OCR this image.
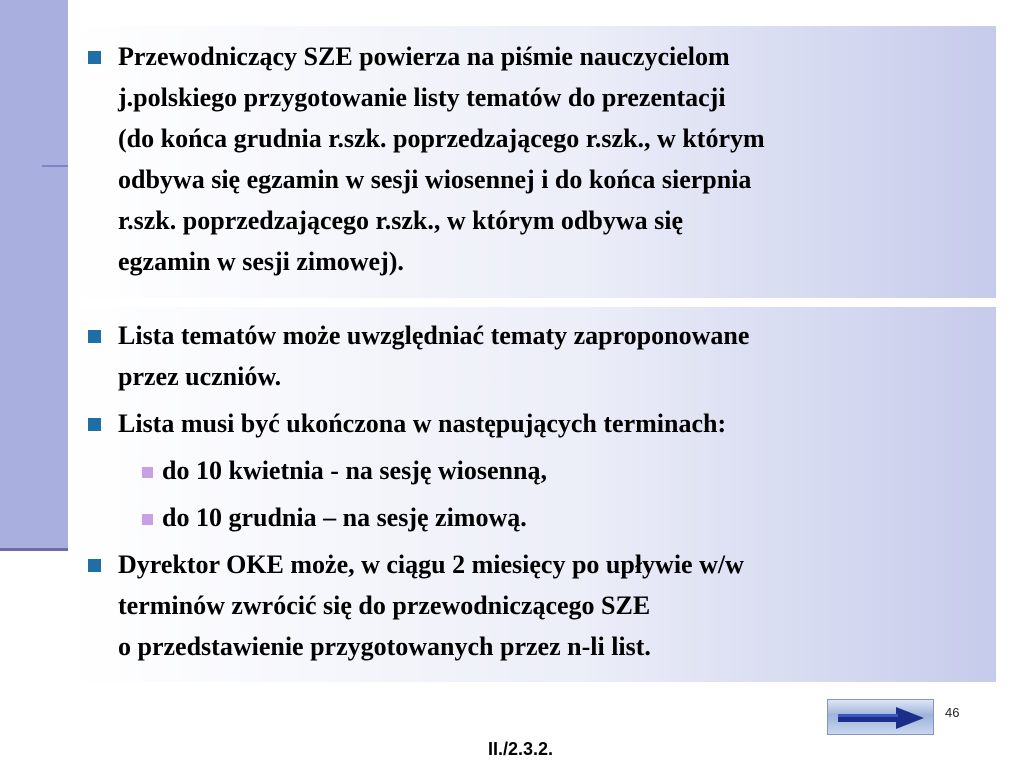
Przewodniczący SZE powierza na piśmie nauczycielom
j.polskiego przygotowanie listy tematów do prezentacji
(do końca grudnia r.szk. poprzedzającego r.szk., w którym
odbywa się egzamin w sesji wiosennej i do końca sierpnia
r.szk. poprzedzającego r.szk., w którym odbywa się
egzamin w sesji zimowej).
Lista tematów może uwzględniać tematy zaproponowane
przez uczniów.
Lista musi być ukończona w następujących terminach:
do 10 kwietnia - na sesję wiosenną,
do 10 grudnia – na sesję zimową.
Dyrektor OKE może, w ciągu 2 miesięcy po upływie w/w
terminów zwrócić się do przewodniczącego SZE
o przedstawienie przygotowanych przez n-li list.
46
II./2.3.2.
